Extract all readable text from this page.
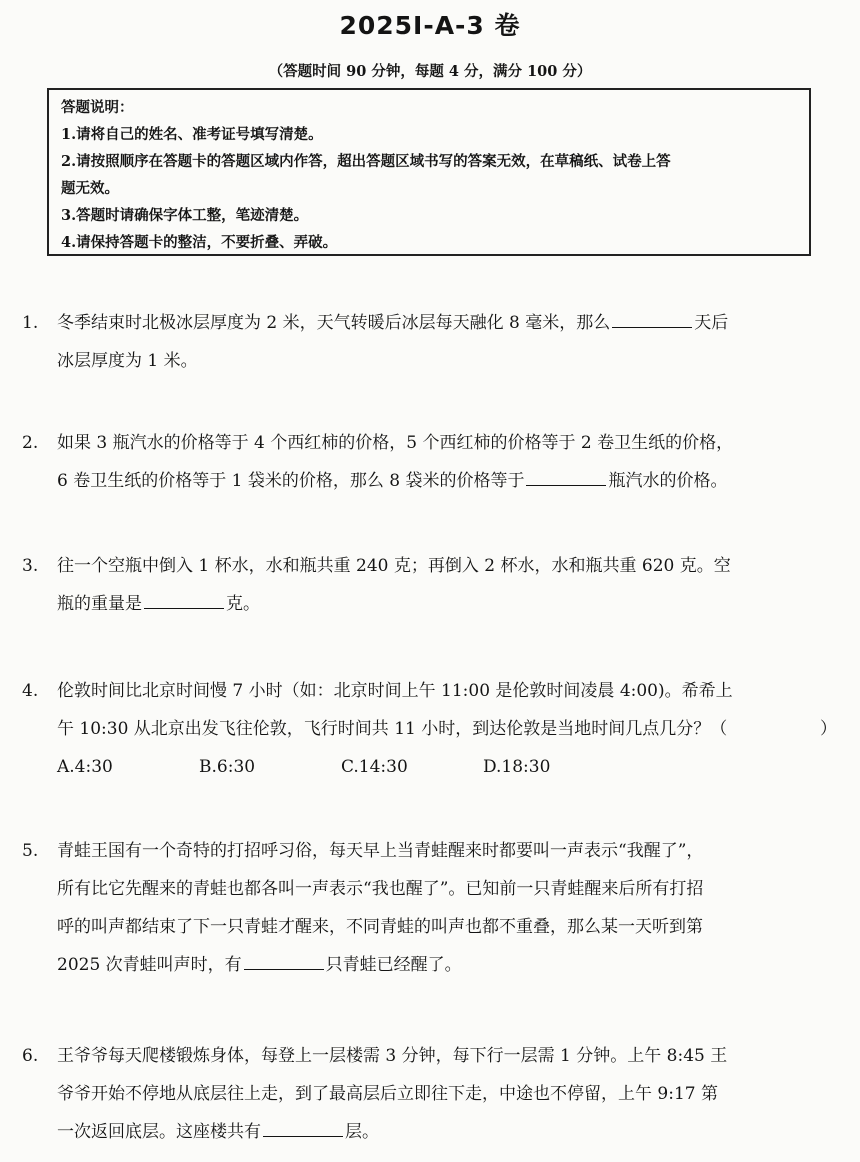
2025I-A-3 卷
（答题时间 90 分钟，每题 4 分，满分 100 分）
答题说明：
1.请将自己的姓名、准考证号填写清楚。
2.请按照顺序在答题卡的答题区域内作答，超出答题区域书写的答案无效，在草稿纸、试卷上答
题无效。
3.答题时请确保字体工整，笔迹清楚。
4.请保持答题卡的整洁，不要折叠、弄破。
1. 冬季结束时北极冰层厚度为 2 米，天气转暖后冰层每天融化 8 毫米，那么	天后
冰层厚度为 1 米。
2. 如果 3 瓶汽水的价格等于 4 个西红柿的价格，5 个西红柿的价格等于 2 卷卫生纸的价格，
6 卷卫生纸的价格等于 1 袋米的价格，那么 8 袋米的价格等于	瓶汽水的价格。
3. 往一个空瓶中倒入 1 杯水，水和瓶共重 240 克；再倒入 2 杯水，水和瓶共重 620 克。空
瓶的重量是	克。
4. 伦敦时间比北京时间慢 7 小时（如：北京时间上午 11:00 是伦敦时间凌晨 4:00)。希希上
午 10:30 从北京出发飞往伦敦，飞行时间共 11 小时，到达伦敦是当地时间几点几分？（	）
A.4:30	B.6:30	C.14:30	D.18:30
5. 青蛙王国有一个奇特的打招呼习俗，每天早上当青蛙醒来时都要叫一声表示“我醒了”，
所有比它先醒来的青蛙也都各叫一声表示“我也醒了”。已知前一只青蛙醒来后所有打招
呼的叫声都结束了下一只青蛙才醒来，不同青蛙的叫声也都不重叠，那么某一天听到第
2025 次青蛙叫声时，有	只青蛙已经醒了。
6. 王爷爷每天爬楼锻炼身体，每登上一层楼需 3 分钟，每下行一层需 1 分钟。上午 8:45 王
爷爷开始不停地从底层往上走，到了最高层后立即往下走，中途也不停留，上午 9:17 第
一次返回底层。这座楼共有	层。
